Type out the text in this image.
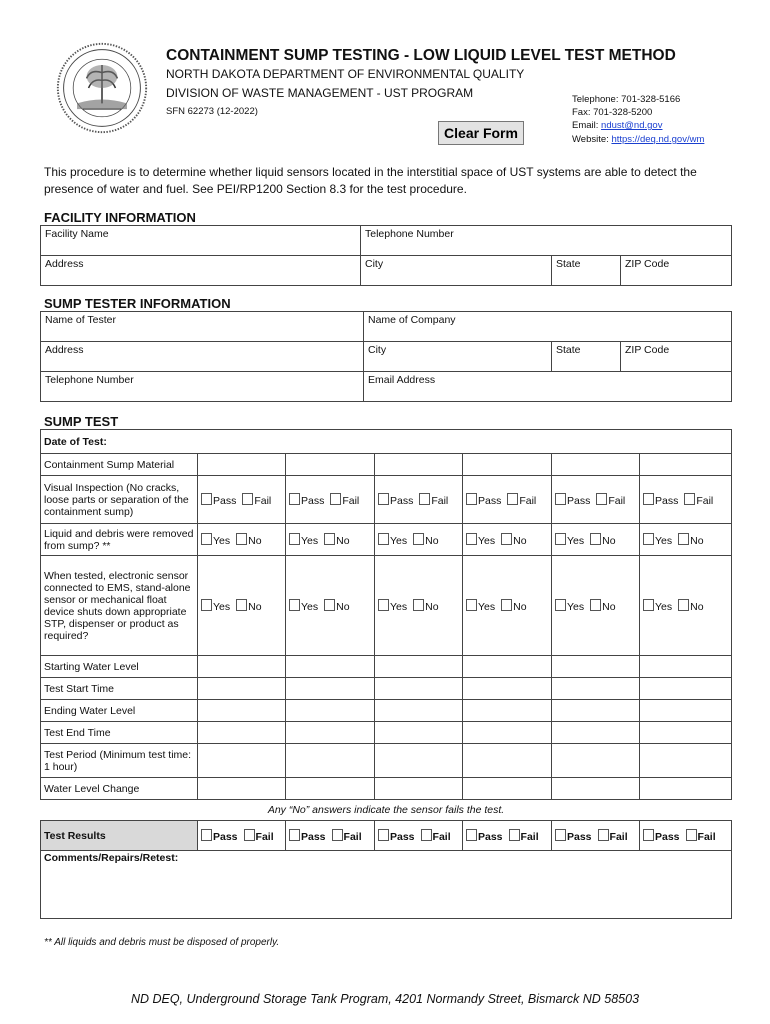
CONTAINMENT SUMP TESTING - LOW LIQUID LEVEL TEST METHOD
NORTH DAKOTA DEPARTMENT OF ENVIRONMENTAL QUALITY
DIVISION OF WASTE MANAGEMENT - UST PROGRAM
SFN 62273 (12-2022)
Telephone: 701-328-5166
Fax: 701-328-5200
Email: ndust@nd.gov
Website: https://deq.nd.gov/wm
Clear Form
This procedure is to determine whether liquid sensors located in the interstitial space of UST systems are able to detect the presence of water and fuel. See PEI/RP1200 Section 8.3 for the test procedure.
FACILITY INFORMATION
Facility Name	Telephone Number		
Address	City	State	ZIP Code
SUMP TESTER INFORMATION
Name of Tester	Name of Company		
Address	City	State	ZIP Code
Telephone Number	Email Address		
SUMP TEST
Date of Test:						
Containment Sump Material						
Visual Inspection (No cracks, loose parts or separation of the containment sump)	Pass Fail	Pass Fail	Pass Fail	Pass Fail	Pass Fail	Pass Fail
Liquid and debris were removed from sump? **	Yes No	Yes No	Yes No	Yes No	Yes No	Yes No
When tested, electronic sensor connected to EMS, stand-alone sensor or mechanical float device shuts down appropriate STP, dispenser or product as required?	Yes No	Yes No	Yes No	Yes No	Yes No	Yes No
Starting Water Level						
Test Start Time						
Ending Water Level						
Test End Time						
Test Period (Minimum test time: 1 hour)						
Water Level Change						
Any “No” answers indicate the sensor fails the test.						
Test Results	Pass Fail	Pass Fail	Pass Fail	Pass Fail	Pass Fail	Pass Fail
Comments/Repairs/Retest:						
** All liquids and debris must be disposed of properly.
ND DEQ, Underground Storage Tank Program, 4201 Normandy Street, Bismarck ND 58503
